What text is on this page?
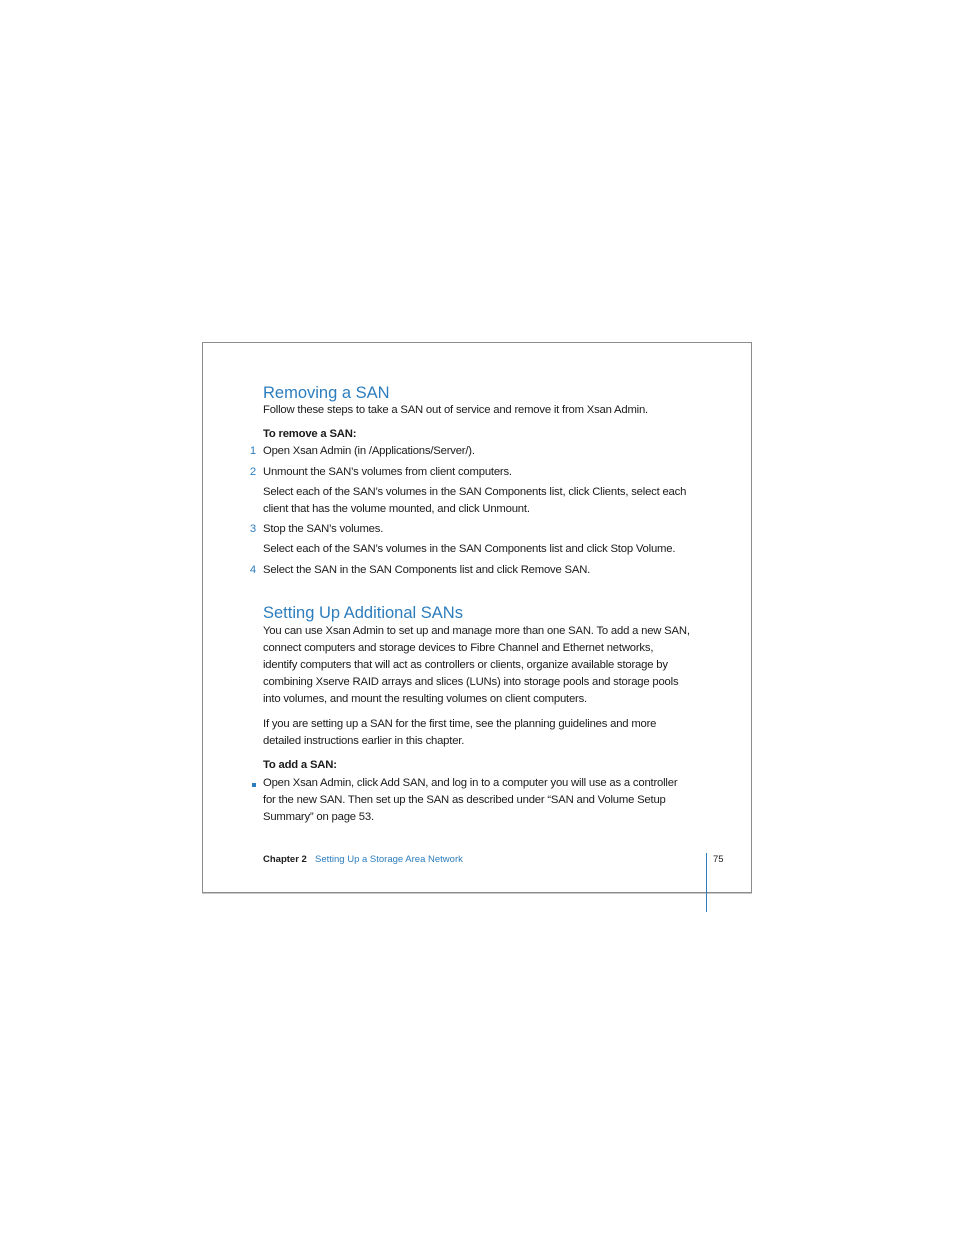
Removing a SAN
Follow these steps to take a SAN out of service and remove it from Xsan Admin.
To remove a SAN:
1 Open Xsan Admin (in /Applications/Server/).
2 Unmount the SAN’s volumes from client computers.
Select each of the SAN’s volumes in the SAN Components list, click Clients, select each
client that has the volume mounted, and click Unmount.
3 Stop the SAN’s volumes.
Select each of the SAN’s volumes in the SAN Components list and click Stop Volume.
4 Select the SAN in the SAN Components list and click Remove SAN.
Setting Up Additional SANs
You can use Xsan Admin to set up and manage more than one SAN. To add a new SAN,
connect computers and storage devices to Fibre Channel and Ethernet networks,
identify computers that will act as controllers or clients, organize available storage by
combining Xserve RAID arrays and slices (LUNs) into storage pools and storage pools
into volumes, and mount the resulting volumes on client computers.
If you are setting up a SAN for the first time, see the planning guidelines and more
detailed instructions earlier in this chapter.
To add a SAN:
Open Xsan Admin, click Add SAN, and log in to a computer you will use as a controller
for the new SAN. Then set up the SAN as described under “SAN and Volume Setup
Summary” on page 53.
Chapter 2 Setting Up a Storage Area Network	75
